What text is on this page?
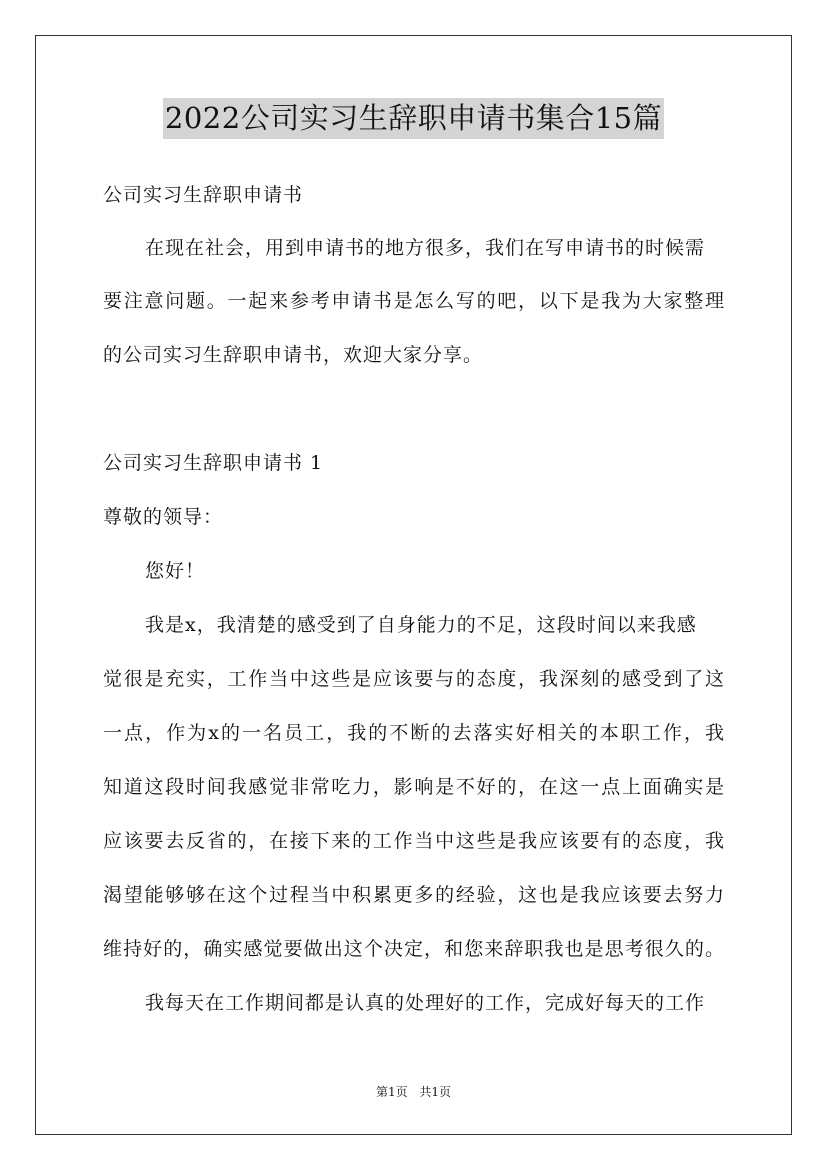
2022公司实习生辞职申请书集合15篇
公司实习生辞职申请书
在现在社会，用到申请书的地方很多，我们在写申请书的时候需
要注意问题。一起来参考申请书是怎么写的吧，以下是我为大家整理
的公司实习生辞职申请书，欢迎大家分享。
公司实习生辞职申请书 1
尊敬的领导：
您好！
我是x，我清楚的感受到了自身能力的不足，这段时间以来我感
觉很是充实，工作当中这些是应该要与的态度，我深刻的感受到了这
一点，作为x的一名员工，我的不断的去落实好相关的本职工作，我
知道这段时间我感觉非常吃力，影响是不好的，在这一点上面确实是
应该要去反省的，在接下来的工作当中这些是我应该要有的态度，我
渴望能够够在这个过程当中积累更多的经验，这也是我应该要去努力
维持好的，确实感觉要做出这个决定，和您来辞职我也是思考很久的。
我每天在工作期间都是认真的处理好的工作，完成好每天的工作
第1页 共1页
